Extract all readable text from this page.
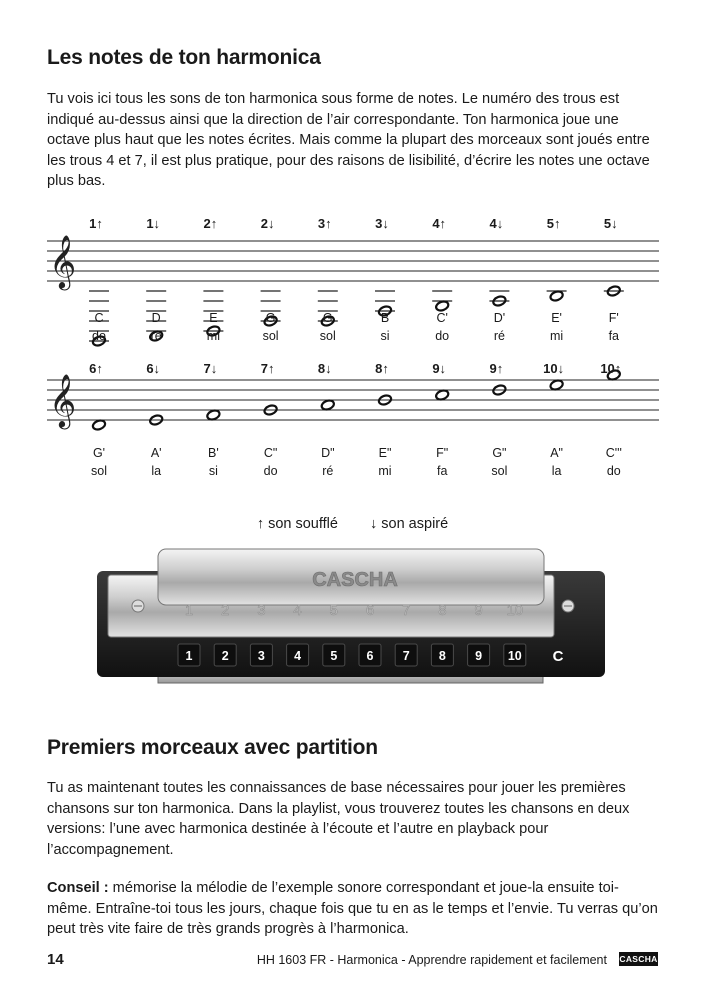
Les notes de ton harmonica

Tu vois ici tous les sons de ton harmonica sous forme de notes. Le numéro des trous est indiqué au-dessus ainsi que la direction de l’air correspondante. Ton harmonica joue une octave plus haut que les notes écrites. Mais comme la plupart des morceaux sont joués entre les trous 4 et 7, il est plus pratique, pour des raisons de lisibilité, d’écrire les notes une octave plus bas.

𝄞
1↑
C
do
1↓
D
ré
2↑
E
mi
2↓
G
sol
3↑
G
sol
3↓
B
si
4↑
C'
do
4↓
D'
ré
5↑
E'
mi
5↓
F'
fa
𝄞
6↑
G'
sol
6↓
A'
la
7↓
B'
si
7↑
C"
do
8↓
D"
ré
8↑
E"
mi
9↓
F"
fa
9↑
G"
sol
10↓
A"
la
10↑
C'''
do
↑ son soufflé ↓ son aspiré
CASCHA
1
1
2
2
3
3
4
4
5
5
6
6
7
7
8
8
9
9
10
10 C
Premiers morceaux avec partition

Tu as maintenant toutes les connaissances de base nécessaires pour jouer les premières chansons sur ton harmonica. Dans la playlist, vous trouverez toutes les chansons en deux versions: l’une avec harmonica destinée à l’écoute et l’autre en playback pour l’accompagnement.

Conseil : mémorise la mélodie de l’exemple sonore correspondant et joue-la ensuite toi-même. Entraîne-toi tous les jours, chaque fois que tu en as le temps et l’envie. Tu verras qu’on peut très vite faire de très grands progrès à l’harmonica.

14	HH 1603 FR - Harmonica - Apprendre rapidement et facilement CASCHA
